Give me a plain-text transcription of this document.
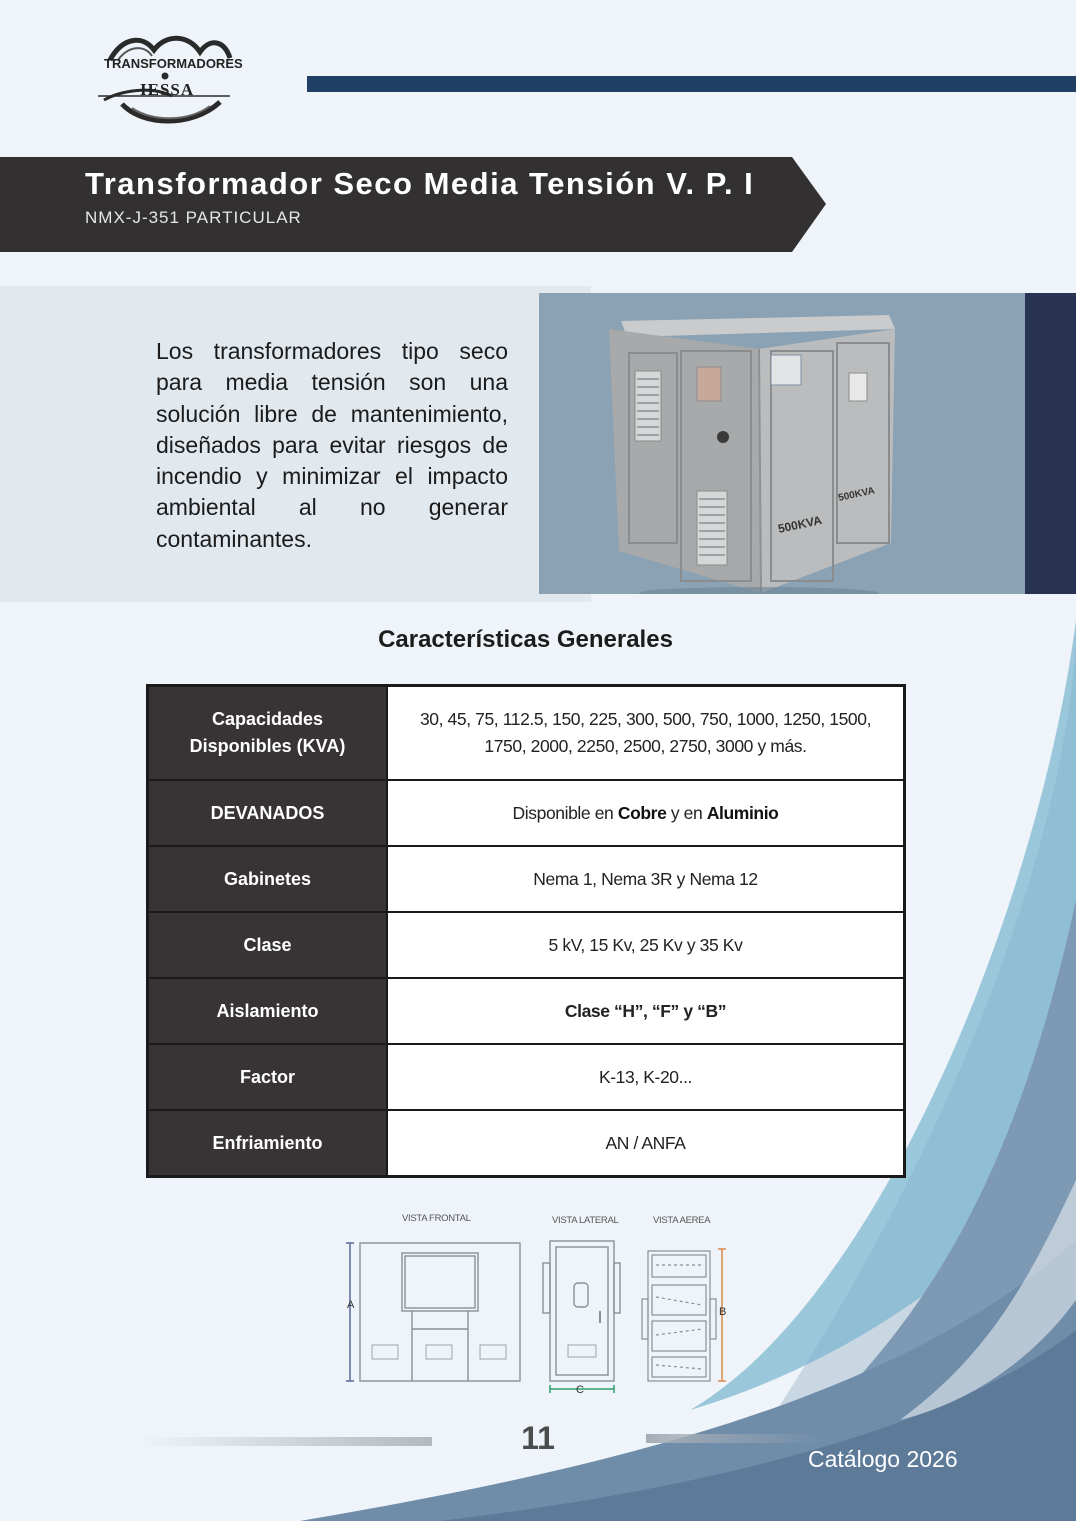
TRANSFORMADORES
IESSA
Transformador Seco Media Tensión V. P. I
NMX-J-351 PARTICULAR
Los transformadores tipo seco para media tensión son una solución libre de mantenimiento, diseñados para evitar riesgos de incendio y minimizar el impacto ambiental al no generar contaminantes.
500KVA
500KVA
Características Generales
Capacidades Disponibles (KVA)	30, 45, 75, 112.5, 150, 225, 300, 500, 750, 1000, 1250, 1500, 1750, 2000, 2250, 2500, 2750, 3000 y más.
DEVANADOS	Disponible en Cobre y en Aluminio
Gabinetes	Nema 1, Nema 3R y Nema 12
Clase	5 kV, 15 Kv, 25 Kv y 35 Kv
Aislamiento	Clase “H”, “F” y “B”
Factor	K-13, K-20...
Enfriamiento	AN / ANFA
VISTA FRONTAL	VISTA LATERAL	VISTA AEREA
A
C
B
11
Catálogo 2026
